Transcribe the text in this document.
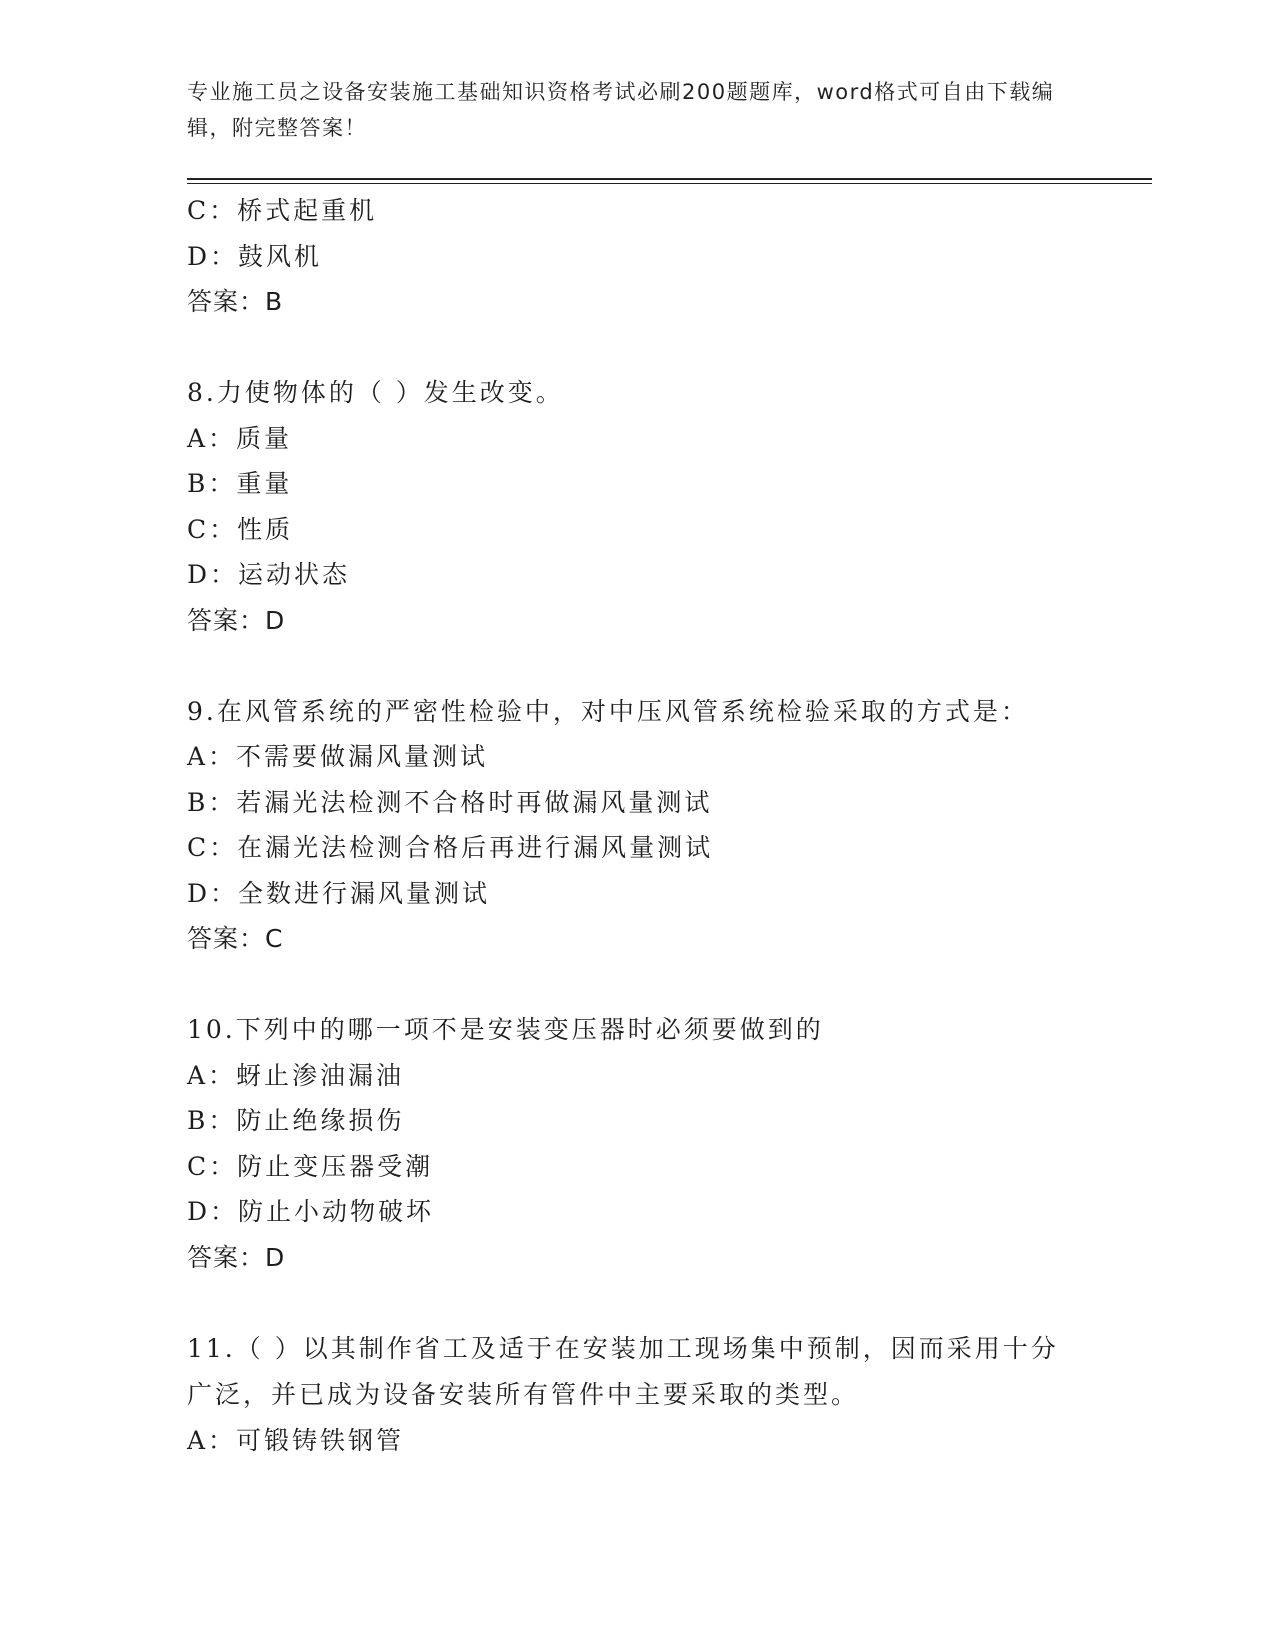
专业施工员之设备安装施工基础知识资格考试必刷200题题库，word格式可自由下载编辑，附完整答案！
C：桥式起重机
D：鼓风机
答案：B
8.力使物体的（ ）发生改变。
A：质量
B：重量
C：性质
D：运动状态
答案：D
9.在风管系统的严密性检验中，对中压风管系统检验采取的方式是：
A：不需要做漏风量测试
B：若漏光法检测不合格时再做漏风量测试
C：在漏光法检测合格后再进行漏风量测试
D：全数进行漏风量测试
答案：C
10.下列中的哪一项不是安装变压器时必须要做到的
A：蚜止渗油漏油
B：防止绝缘损伤
C：防止变压器受潮
D：防止小动物破坏
答案：D
11.（ ）以其制作省工及适于在安装加工现场集中预制，因而采用十分广泛，并已成为设备安装所有管件中主要采取的类型。
A：可锻铸铁钢管
